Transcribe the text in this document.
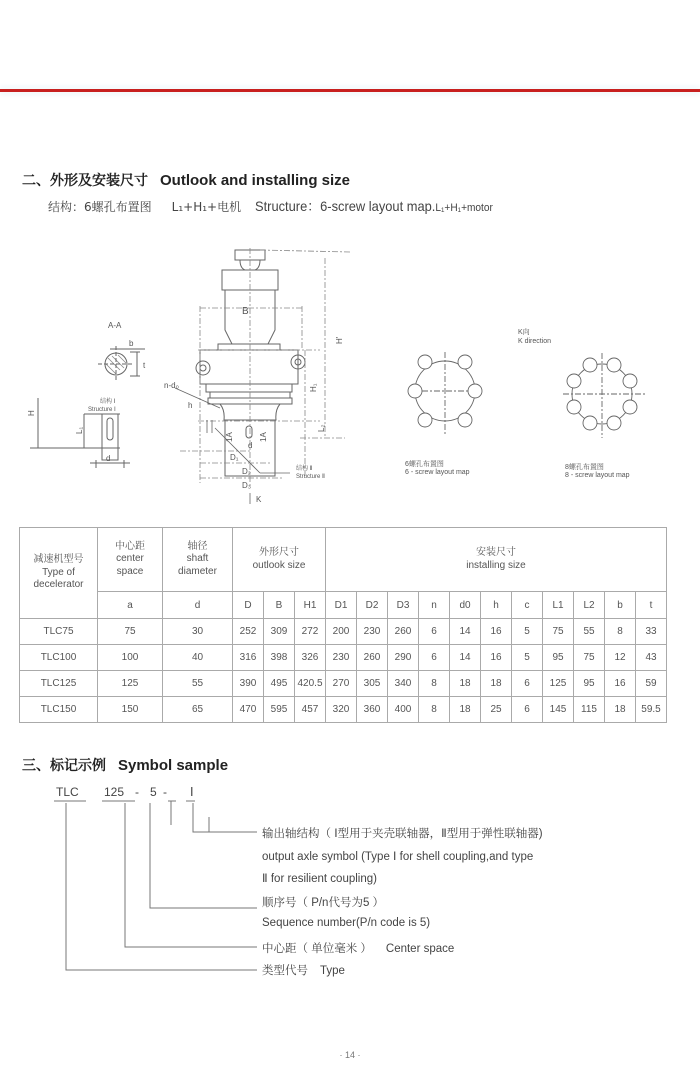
二、外形及安装尺寸 Outlook and installing size
结构：6螺孔布置图 L₁+H₁+电机 Structure：6-screw layout map.L₁+H₁+motor
A-A
b
t
H
L₁
d
结构 Ⅰ
Structure Ⅰ
B
H'
H₁
L₂
n-d₀
h
1A	1A
d
D₁
D₂
D₃
K
结构 Ⅱ
Structure Ⅱ
K向
K direction
6螺孔布置图
6 - screw layout map
8螺孔布置图
8 - screw layout map
减速机型号
Type of
decelerator

中心距
center
space

轴径
shaft
diameter

外形尺寸
outlook size

安装尺寸
installing size

	a	d	D	B	H1	D1	D2	D3	n	d0	h	c	L1	L2	b	t
TLC75	75	30	252	309	272	200	230	260	6	14	16	5	75	55	8	33
TLC100	100	40	316	398	326	230	260	290	6	14	16	5	95	75	12	43
TLC125	125	55	390	495	420.5	270	305	340	8	18	18	6	125	95	16	59
TLC150	150	65	470	595	457	320	360	400	8	18	25	6	145	115	18	59.5
三、标记示例 Symbol sample
TLC 125 - 5 - Ⅰ
输出轴结构（ Ⅰ型用于夹壳联轴器，Ⅱ型用于弹性联轴器)
output axle symbol (Type Ⅰ for shell coupling,and type
Ⅱ for resilient coupling)
顺序号（ P/n代号为5 ）
Sequence number(P/n code is 5)
中心距（ 单位毫米 ） Center space
类型代号 Type
· 14 ·
